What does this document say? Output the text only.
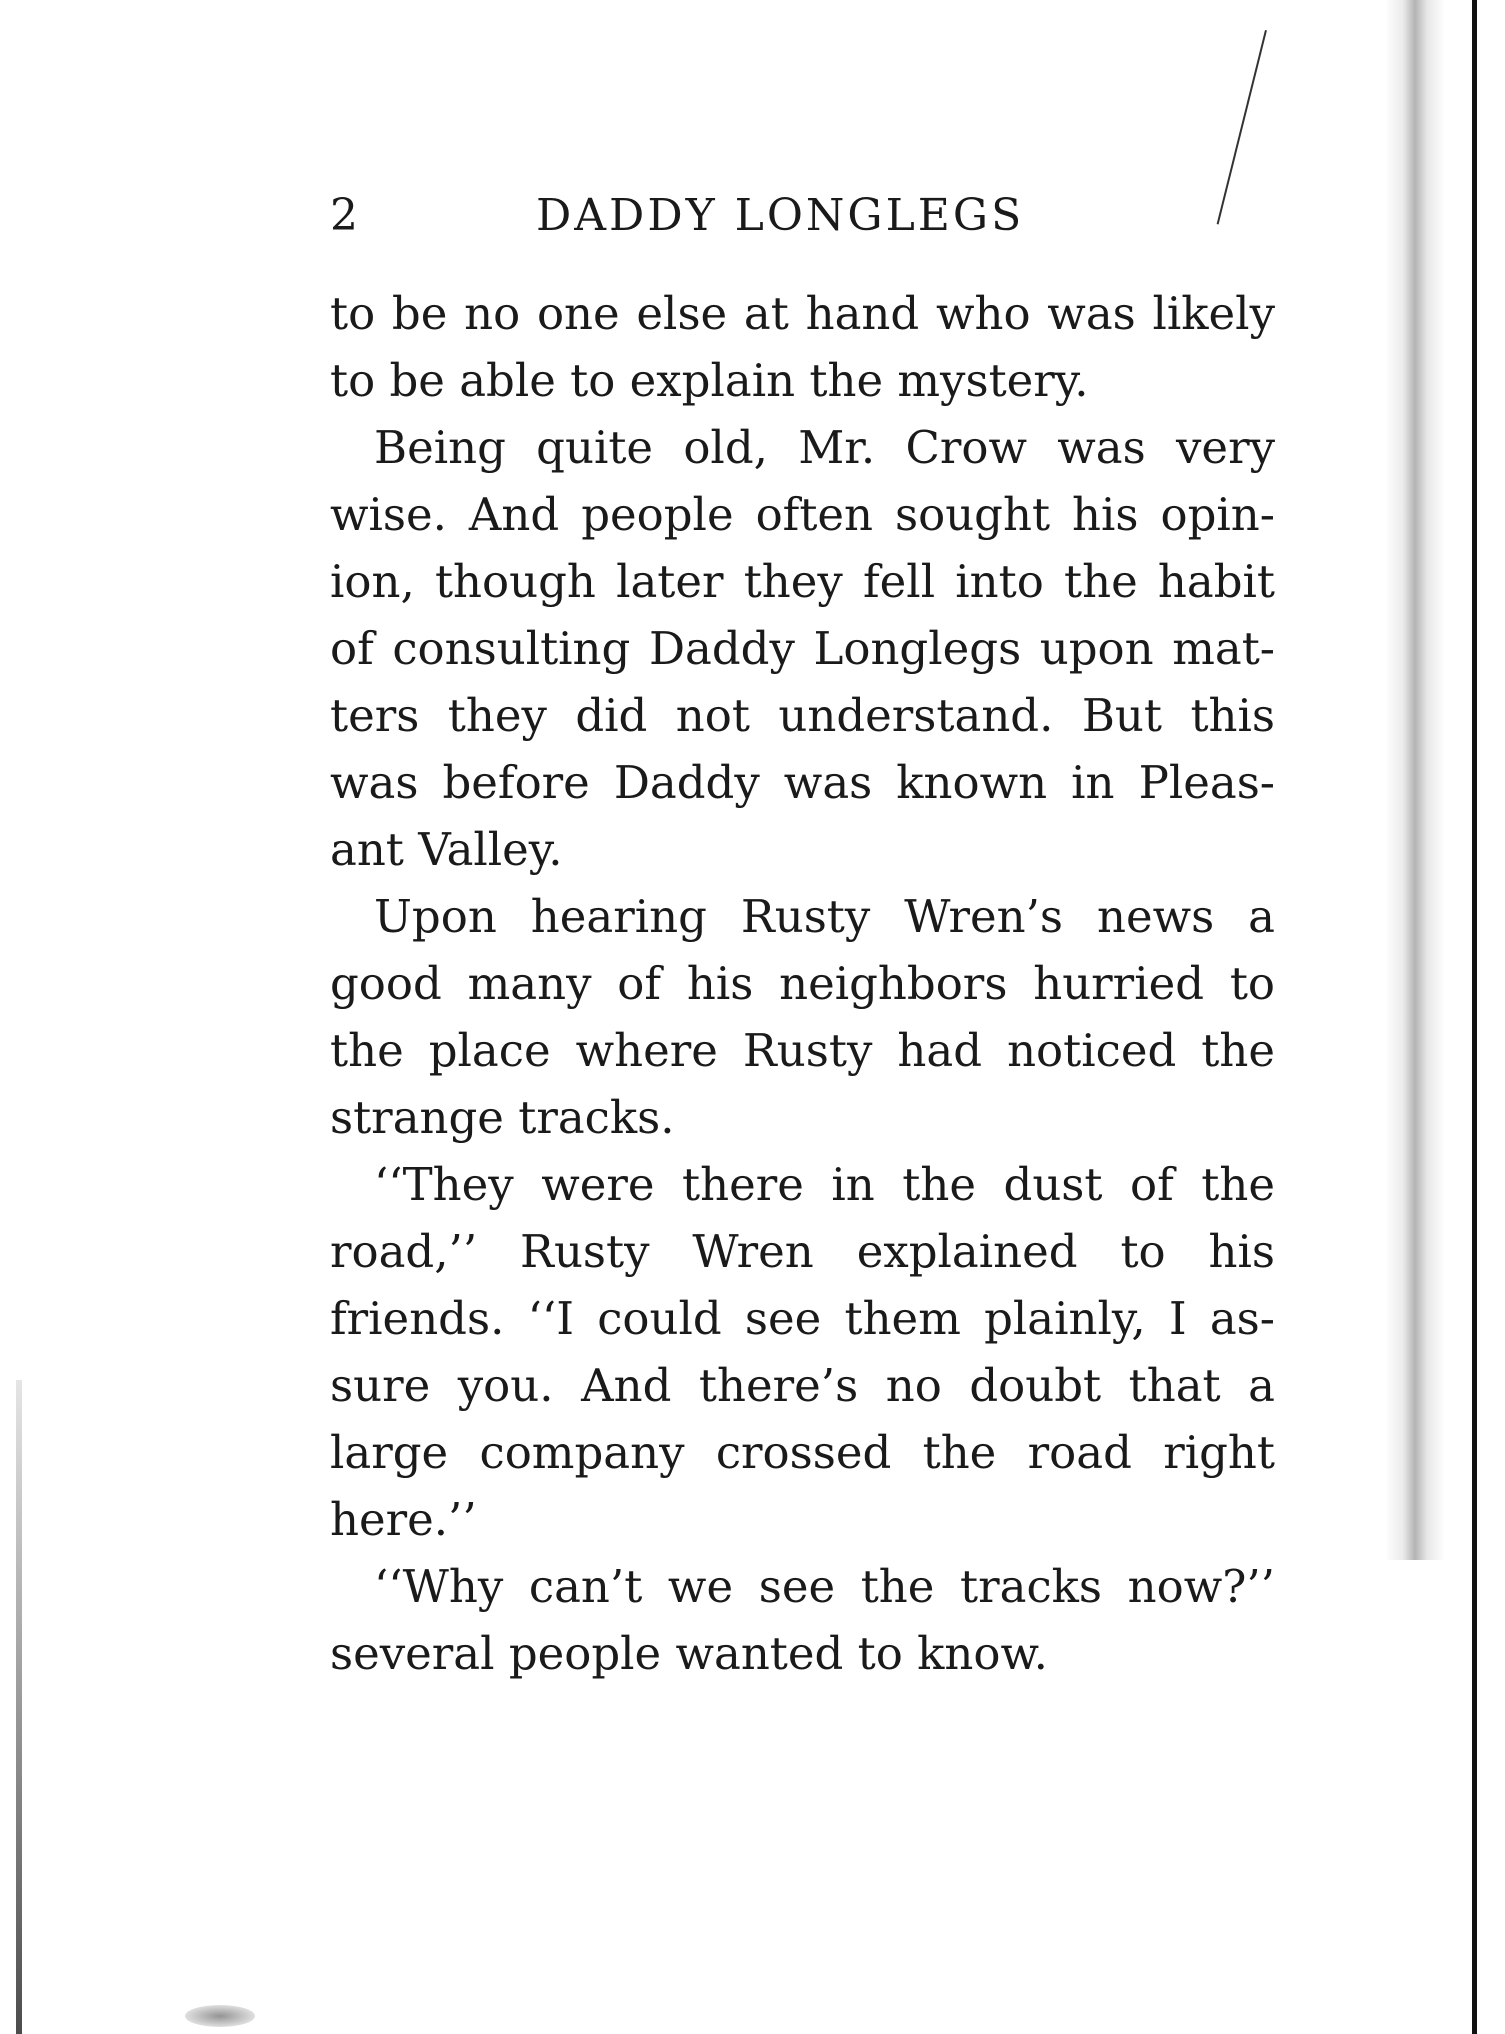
2	DADDY LONGLEGS

to be no one else at hand who was likely to be able to explain the mystery.

Being quite old, Mr. Crow was very wise. And people often sought his opin-ion, though later they fell into the habit of consulting Daddy Longlegs upon mat-ters they did not understand. But this was before Daddy was known in Pleas-ant Valley.

Upon hearing Rusty Wren’s news a good many of his neighbors hurried to the place where Rusty had noticed the strange tracks.

‘‘They were there in the dust of the road,’’ Rusty Wren explained to his friends. ‘‘I could see them plainly, I as-sure you. And there’s no doubt that a large company crossed the road right here.’’

‘‘Why can’t we see the tracks now?’’ several people wanted to know.
